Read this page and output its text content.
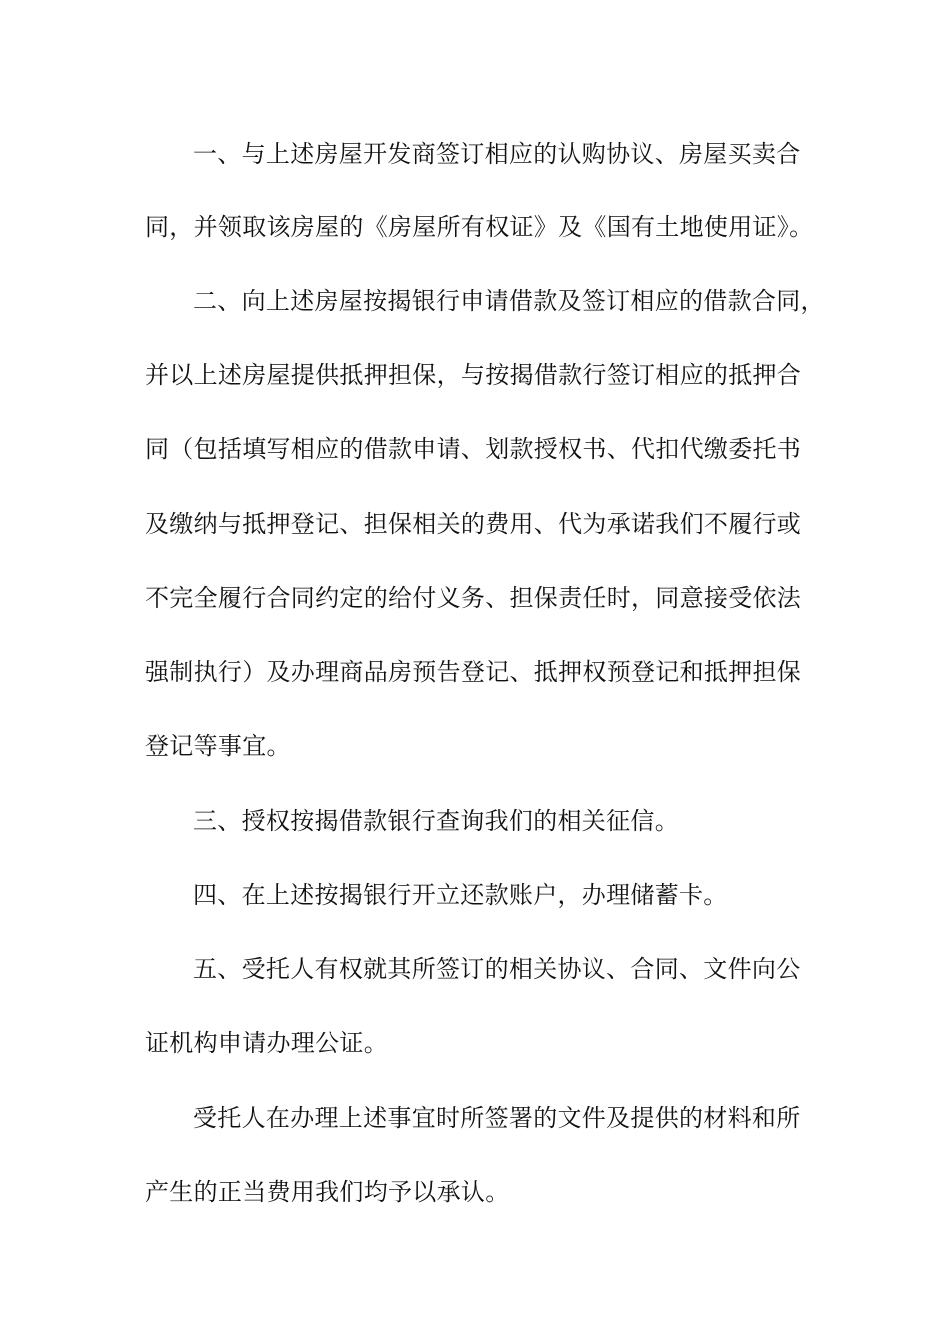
一、与上述房屋开发商签订相应的认购协议、房屋买卖合
同，并领取该房屋的《房屋所有权证》及《国有土地使用证》。
二、向上述房屋按揭银行申请借款及签订相应的借款合同，
并以上述房屋提供抵押担保，与按揭借款行签订相应的抵押合
同（包括填写相应的借款申请、划款授权书、代扣代缴委托书
及缴纳与抵押登记、担保相关的费用、代为承诺我们不履行或
不完全履行合同约定的给付义务、担保责任时，同意接受依法
强制执行）及办理商品房预告登记、抵押权预登记和抵押担保
登记等事宜。
三、授权按揭借款银行查询我们的相关征信。
四、在上述按揭银行开立还款账户，办理储蓄卡。
五、受托人有权就其所签订的相关协议、合同、文件向公
证机构申请办理公证。
受托人在办理上述事宜时所签署的文件及提供的材料和所
产生的正当费用我们均予以承认。
